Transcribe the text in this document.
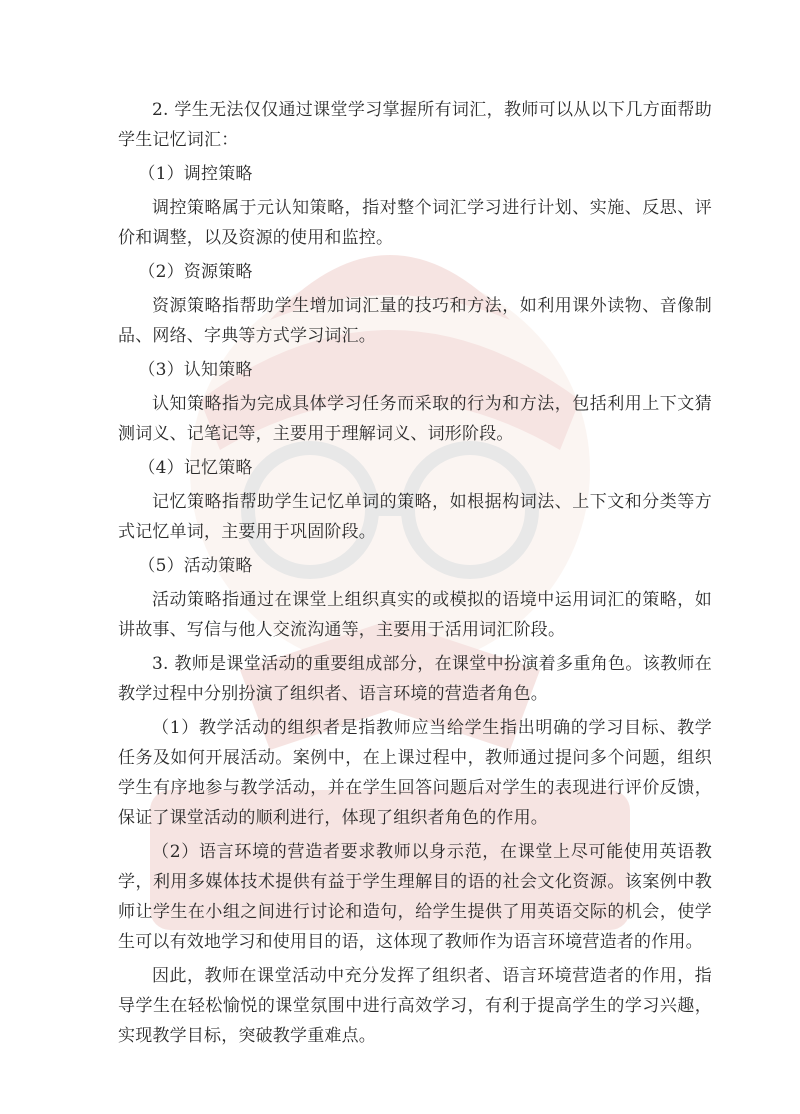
2. 学生无法仅仅通过课堂学习掌握所有词汇，教师可以从以下几方面帮助学生记忆词汇：

（1）调控策略

调控策略属于元认知策略，指对整个词汇学习进行计划、实施、反思、评价和调整，以及资源的使用和监控。

（2）资源策略

资源策略指帮助学生增加词汇量的技巧和方法，如利用课外读物、音像制品、网络、字典等方式学习词汇。

（3）认知策略

认知策略指为完成具体学习任务而采取的行为和方法，包括利用上下文猜测词义、记笔记等，主要用于理解词义、词形阶段。

（4）记忆策略

记忆策略指帮助学生记忆单词的策略，如根据构词法、上下文和分类等方式记忆单词，主要用于巩固阶段。

（5）活动策略

活动策略指通过在课堂上组织真实的或模拟的语境中运用词汇的策略，如讲故事、写信与他人交流沟通等，主要用于活用词汇阶段。

3. 教师是课堂活动的重要组成部分，在课堂中扮演着多重角色。该教师在教学过程中分别扮演了组织者、语言环境的营造者角色。

（1）教学活动的组织者是指教师应当给学生指出明确的学习目标、教学任务及如何开展活动。案例中，在上课过程中，教师通过提问多个问题，组织学生有序地参与教学活动，并在学生回答问题后对学生的表现进行评价反馈，保证了课堂活动的顺利进行，体现了组织者角色的作用。

（2）语言环境的营造者要求教师以身示范，在课堂上尽可能使用英语教学，利用多媒体技术提供有益于学生理解目的语的社会文化资源。该案例中教师让学生在小组之间进行讨论和造句，给学生提供了用英语交际的机会，使学生可以有效地学习和使用目的语，这体现了教师作为语言环境营造者的作用。

因此，教师在课堂活动中充分发挥了组织者、语言环境营造者的作用，指导学生在轻松愉悦的课堂氛围中进行高效学习，有利于提高学生的学习兴趣，实现教学目标，突破教学重难点。
